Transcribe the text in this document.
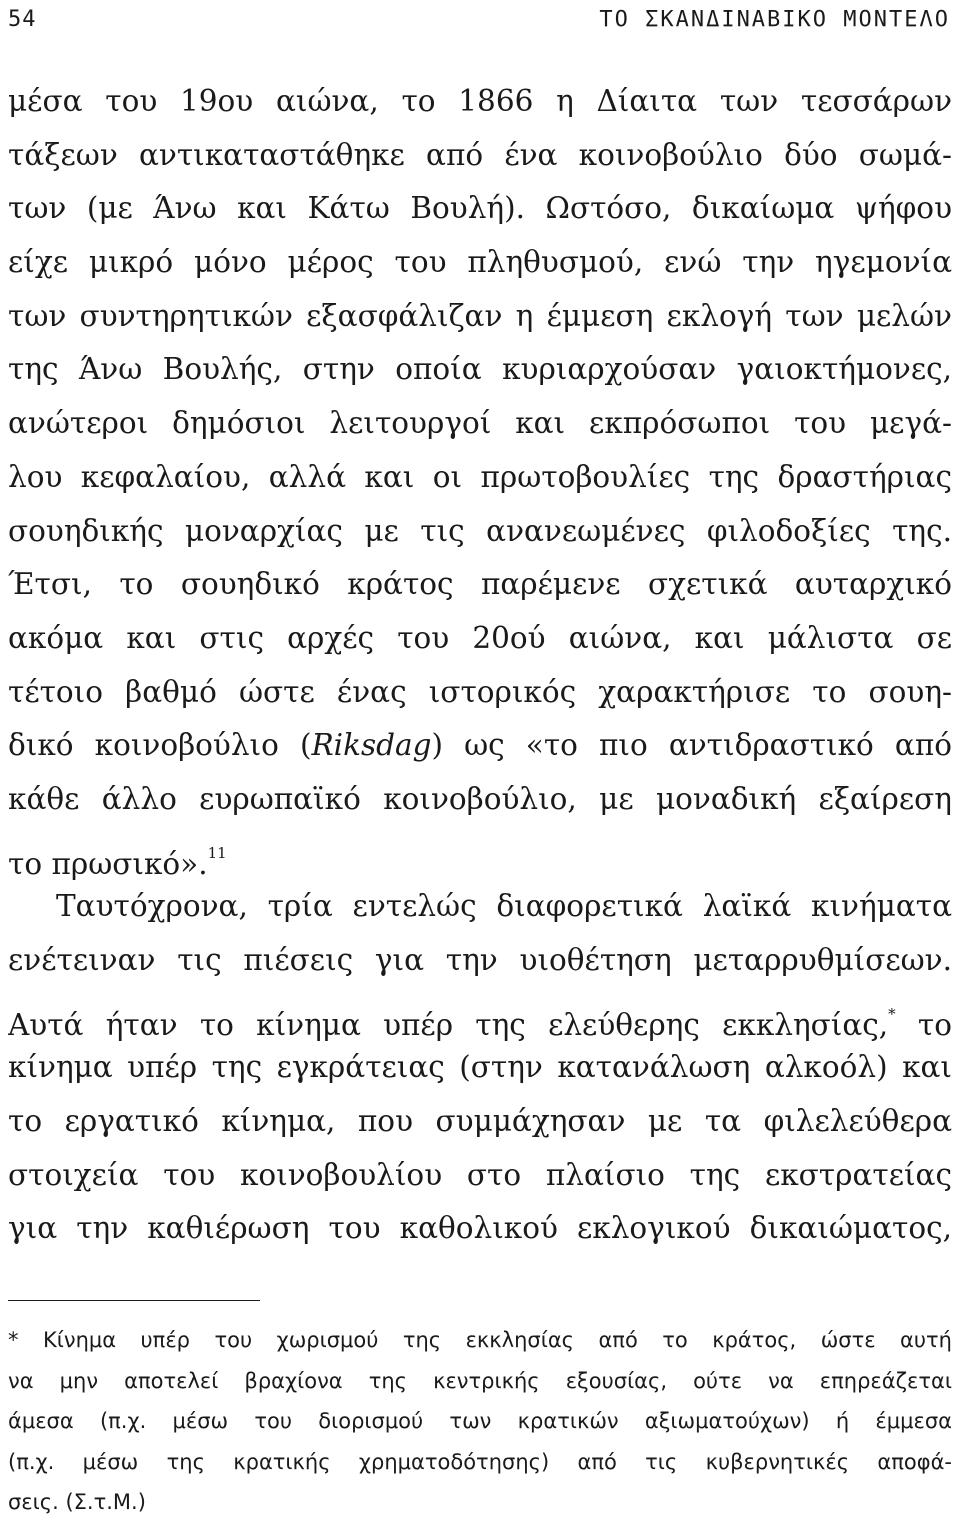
54	ΤΟ ΣΚΑΝΔΙΝΑΒΙΚΟ ΜΟΝΤΕΛΟ
μέσα του 19ου αιώνα, το 1866 η Δίαιτα των τεσσάρων
τάξεων αντικαταστάθηκε από ένα κοινοβούλιο δύο σωμά-
των (με Άνω και Κάτω Βουλή). Ωστόσο, δικαίωμα ψήφου
είχε μικρό μόνο μέρος του πληθυσμού, ενώ την ηγεμονία
των συντηρητικών εξασφάλιζαν η έμμεση εκλογή των μελών
της Άνω Βουλής, στην οποία κυριαρχούσαν γαιοκτήμονες,
ανώτεροι δημόσιοι λειτουργοί και εκπρόσωποι του μεγά-
λου κεφαλαίου, αλλά και οι πρωτοβουλίες της δραστήριας
σουηδικής μοναρχίας με τις ανανεωμένες φιλοδοξίες της.
Έτσι, το σουηδικό κράτος παρέμενε σχετικά αυταρχικό
ακόμα και στις αρχές του 20ού αιώνα, και μάλιστα σε
τέτοιο βαθμό ώστε ένας ιστορικός χαρακτήρισε το σουη-
δικό κοινοβούλιο (Riksdag) ως «το πιο αντιδραστικό από
κάθε άλλο ευρωπαϊκό κοινοβούλιο, με μοναδική εξαίρεση
το πρωσικό».$^{11}$
Ταυτόχρονα, τρία εντελώς διαφορετικά λαϊκά κινήματα
ενέτειναν τις πιέσεις για την υιοθέτηση μεταρρυθμίσεων.
Αυτά ήταν το κίνημα υπέρ της ελεύθερης εκκλησίας,* το
κίνημα υπέρ της εγκράτειας (στην κατανάλωση αλκοόλ) και
το εργατικό κίνημα, που συμμάχησαν με τα φιλελεύθερα
στοιχεία του κοινοβουλίου στο πλαίσιο της εκστρατείας
για την καθιέρωση του καθολικού εκλογικού δικαιώματος,
* Κίνημα υπέρ του χωρισμού της εκκλησίας από το κράτος, ώστε αυτή
να μην αποτελεί βραχίονα της κεντρικής εξουσίας, ούτε να επηρεάζεται
άμεσα (π.χ. μέσω του διορισμού των κρατικών αξιωματούχων) ή έμμεσα
(π.χ. μέσω της κρατικής χρηματοδότησης) από τις κυβερνητικές αποφά-
σεις. (Σ.τ.Μ.)
